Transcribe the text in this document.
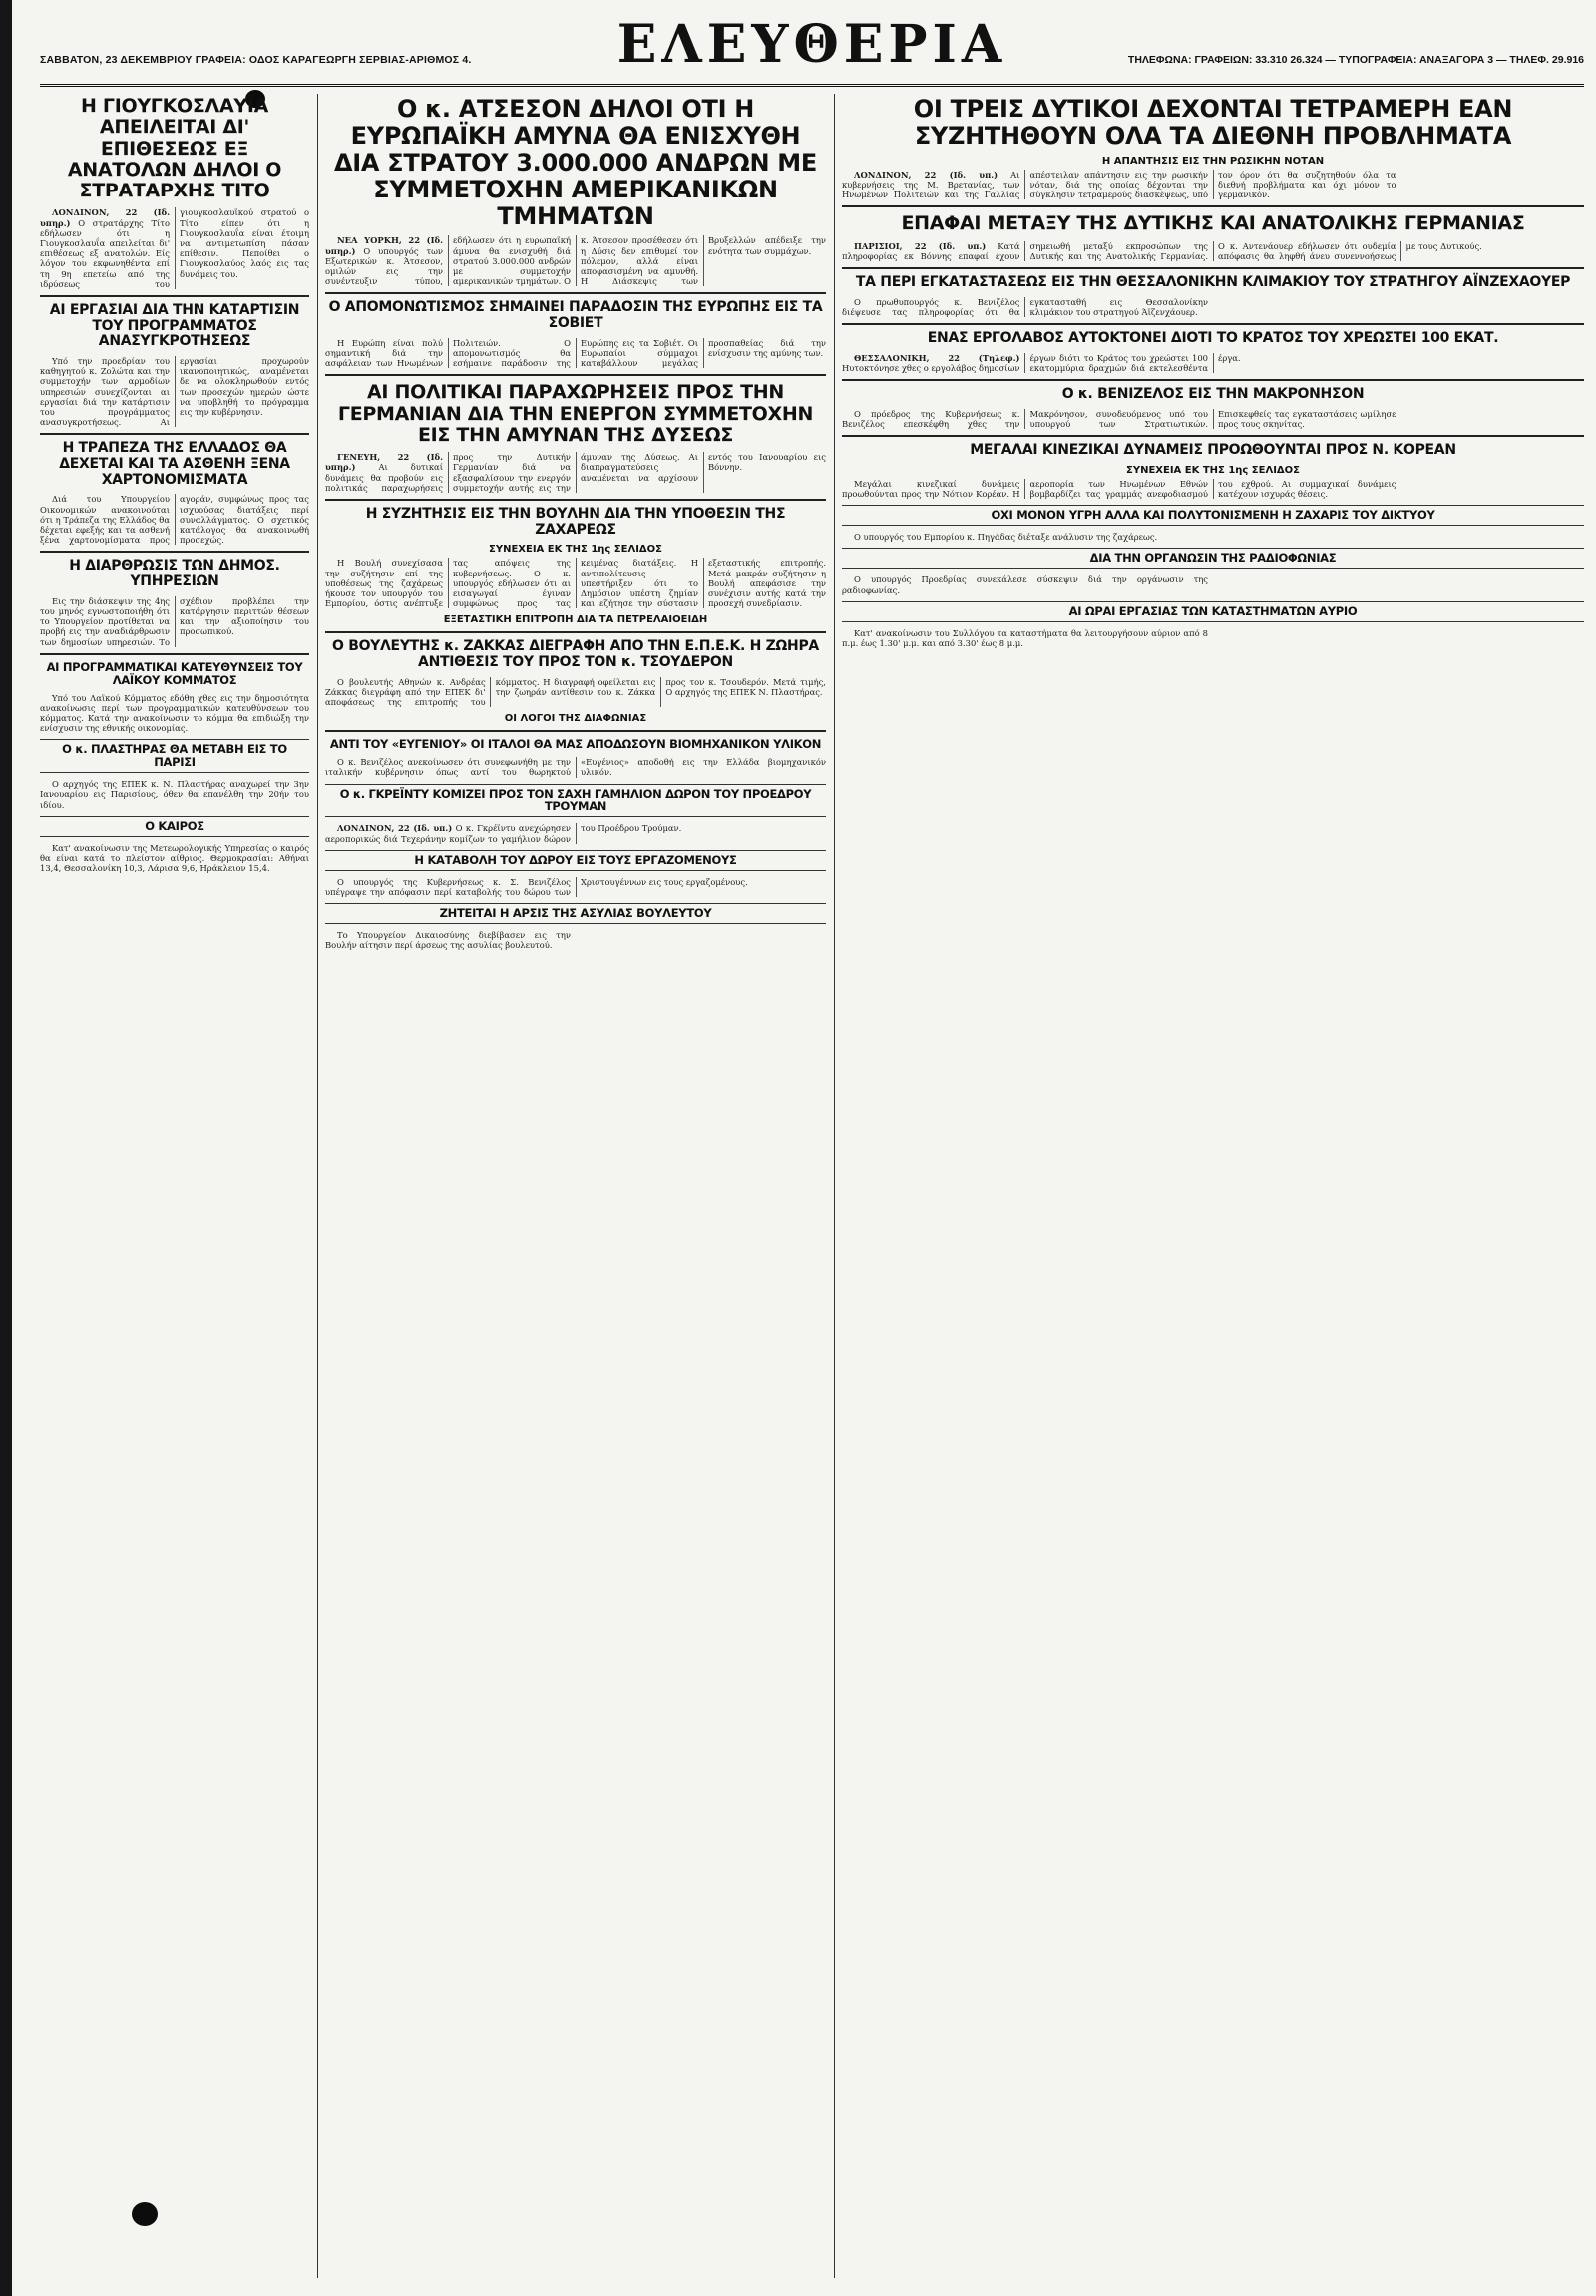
ΣΑΒΒΑΤΟΝ, 23 ΔΕΚΕΜΒΡΙΟΥ ΓΡΑΦΕΙΑ: ΟΔΟΣ ΚΑΡΑΓΕΩΡΓΗ ΣΕΡΒΙΑΣ-ΑΡΙΘΜΟΣ 4.	ΕΛΕΥΘΕΡΙΑ	ΤΗΛΕΦΩΝΑ: ΓΡΑΦΕΙΩΝ: 33.310 26.324 — ΤΥΠΟΓΡΑΦΕΙΑ: ΑΝΑΞΑΓΟΡΑ 3 — ΤΗΛΕΦ. 29.916
Η ΓΙΟΥΓΚΟΣΛΑΥΪΑ ΑΠΕΙΛΕΙΤΑΙ ΔΙ' ΕΠΙΘΕΣΕΩΣ ΕΞ ΑΝΑΤΟΛΩΝ ΔΗΛΟΙ Ο ΣΤΡΑΤΑΡΧΗΣ ΤΙΤΟ

ΛΟΝΔΙΝΟΝ, 22 (Ιδ. υπηρ.) Ο στρατάρχης Τίτο εδήλωσεν ότι η Γιουγκοσλαυΐα απειλείται δι' επιθέσεως εξ ανατολών. Είς λόγον του εκφωνηθέντα επί τη 9η επετείω από της ιδρύσεως του γιουγκοσλαυϊκού στρατού ο Τίτο είπεν ότι η Γιουγκοσλαυΐα είναι έτοιμη να αντιμετωπίση πάσαν επίθεσιν. Πεποίθει ο Γιουγκοσλαύος λαός εις τας δυνάμεις του.

ΑΙ ΕΡΓΑΣΙΑΙ ΔΙΑ ΤΗΝ ΚΑΤΑΡΤΙΣΙΝ ΤΟΥ ΠΡΟΓΡΑΜΜΑΤΟΣ ΑΝΑΣΥΓΚΡΟΤΗΣΕΩΣ

Υπό την προεδρίαν του καθηγητού κ. Ζολώτα και την συμμετοχήν των αρμοδίων υπηρεσιών συνεχίζονται αι εργασίαι διά την κατάρτισιν του προγράμματος ανασυγκροτήσεως. Αι εργασίαι προχωρούν ικανοποιητικώς, αναμένεται δε να ολοκληρωθούν εντός των προσεχών ημερών ώστε να υποβληθή το πρόγραμμα εις την κυβέρνησιν.

Η ΤΡΑΠΕΖΑ ΤΗΣ ΕΛΛΑΔΟΣ ΘΑ ΔΕΧΕΤΑΙ ΚΑΙ ΤΑ ΑΣΘΕΝΗ ΞΕΝΑ ΧΑΡΤΟΝΟΜΙΣΜΑΤΑ

Διά του Υπουργείου Οικονομικών ανακοινούται ότι η Τράπεζα της Ελλάδος θα δέχεται εφεξής και τα ασθενή ξένα χαρτονομίσματα προς αγοράν, συμφώνως προς τας ισχυούσας διατάξεις περί συναλλάγματος. Ο σχετικός κατάλογος θα ανακοινωθή προσεχώς.

Η ΔΙΑΡΘΡΩΣΙΣ ΤΩΝ ΔΗΜΟΣ. ΥΠΗΡΕΣΙΩΝ

Εις την διάσκεψιν της 4ης του μηνός εγνωστοποιήθη ότι το Υπουργείον προτίθεται να προβή εις την αναδιάρθρωσιν των δημοσίων υπηρεσιών. Το σχέδιον προβλέπει την κατάργησιν περιττών θέσεων και την αξιοποίησιν του προσωπικού.

ΑΙ ΠΡΟΓΡΑΜΜΑΤΙΚΑΙ ΚΑΤΕΥΘΥΝΣΕΙΣ ΤΟΥ ΛΑΪΚΟΥ ΚΟΜΜΑΤΟΣ

Υπό του Λαϊκού Κόμματος εδόθη χθες εις την δημοσιότητα ανακοίνωσις περί των προγραμματικών κατευθύνσεων του κόμματος. Κατά την ανακοίνωσιν το κόμμα θα επιδιώξη την ενίσχυσιν της εθνικής οικονομίας.

Ο κ. ΠΛΑΣΤΗΡΑΣ ΘΑ ΜΕΤΑΒΗ ΕΙΣ ΤΟ ΠΑΡΙΣΙ

Ο αρχηγός της ΕΠΕΚ κ. Ν. Πλαστήρας αναχωρεί την 3ην Ιανουαρίου εις Παρισίους, όθεν θα επανέλθη την 20ήν του ιδίου.

Ο ΚΑΙΡΟΣ

Κατ' ανακοίνωσιν της Μετεωρολογικής Υπηρεσίας ο καιρός θα είναι κατά το πλείστον αίθριος. Θερμοκρασίαι: Αθήναι 13,4, Θεσσαλονίκη 10,3, Λάρισα 9,6, Ηράκλειον 15,4.

Ο κ. ΑΤΣΕΣΟΝ ΔΗΛΟΙ ΟΤΙ Η ΕΥΡΩΠΑΪΚΗ ΑΜΥΝΑ ΘΑ ΕΝΙΣΧΥΘΗ ΔΙΑ ΣΤΡΑΤΟΥ 3.000.000 ΑΝΔΡΩΝ ΜΕ ΣΥΜΜΕΤΟΧΗΝ ΑΜΕΡΙΚΑΝΙΚΩΝ ΤΜΗΜΑΤΩΝ

ΝΕΑ ΥΟΡΚΗ, 22 (Ιδ. υπηρ.) Ο υπουργός των Εξωτερικών κ. Άτσεσον, ομιλών εις την συνέντευξιν τύπου, εδήλωσεν ότι η ευρωπαϊκή άμυνα θα ενισχυθή διά στρατού 3.000.000 ανδρών με συμμετοχήν αμερικανικών τμημάτων. Ο κ. Άτσεσον προσέθεσεν ότι η Δύσις δεν επιθυμεί τον πόλεμον, αλλά είναι αποφασισμένη να αμυνθή. Η Διάσκεψις των Βρυξελλών απέδειξε την ενότητα των συμμάχων.

Ο ΑΠΟΜΟΝΩΤΙΣΜΟΣ ΣΗΜΑΙΝΕΙ ΠΑΡΑΔΟΣΙΝ ΤΗΣ ΕΥΡΩΠΗΣ ΕΙΣ ΤΑ ΣΟΒΙΕΤ

Η Ευρώπη είναι πολύ σημαντική διά την ασφάλειαν των Ηνωμένων Πολιτειών. Ο απομονωτισμός θα εσήμαινε παράδοσιν της Ευρώπης εις τα Σοβιέτ. Οι Ευρωπαίοι σύμμαχοι καταβάλλουν μεγάλας προσπαθείας διά την ενίσχυσιν της αμύνης των.

ΑΙ ΠΟΛΙΤΙΚΑΙ ΠΑΡΑΧΩΡΗΣΕΙΣ ΠΡΟΣ ΤΗΝ ΓΕΡΜΑΝΙΑΝ ΔΙΑ ΤΗΝ ΕΝΕΡΓΟΝ ΣΥΜΜΕΤΟΧΗΝ ΕΙΣ ΤΗΝ ΑΜΥΝΑΝ ΤΗΣ ΔΥΣΕΩΣ

ΓΕΝΕΥΗ, 22 (Ιδ. υπηρ.)	Αι δυτικαί δυνάμεις θα προβούν εις πολιτικάς παραχωρήσεις προς την Δυτικήν Γερμανίαν διά να εξασφαλίσουν την ενεργόν συμμετοχήν αυτής εις την άμυναν της Δύσεως. Αι διαπραγματεύσεις αναμένεται να αρχίσουν εντός του Ιανουαρίου εις Βόννην.

Η ΣΥΖΗΤΗΣΙΣ ΕΙΣ ΤΗΝ ΒΟΥΛΗΝ ΔΙΑ ΤΗΝ ΥΠΟΘΕΣΙΝ ΤΗΣ ΖΑΧΑΡΕΩΣ
ΣΥΝΕΧΕΙΑ ΕΚ ΤΗΣ 1ης ΣΕΛΙΔΟΣ

Η Βουλή συνεχίσασα την συζήτησιν επί της υποθέσεως της ζαχάρεως ήκουσε τον υπουργόν του Εμπορίου, όστις ανέπτυξε τας απόψεις της κυβερνήσεως. Ο κ. υπουργός εδήλωσεν ότι αι εισαγωγαί έγιναν συμφώνως προς τας κειμένας διατάξεις. Η αντιπολίτευσις υπεστήριξεν ότι το Δημόσιον υπέστη ζημίαν και εζήτησε την σύστασιν εξεταστικής επιτροπής. Μετά μακράν συζήτησιν η Βουλή απεφάσισε την συνέχισιν αυτής κατά την προσεχή συνεδρίασιν.

ΕΞΕΤΑΣΤΙΚΗ ΕΠΙΤΡΟΠΗ ΔΙΑ ΤΑ ΠΕΤΡΕΛΑΙΟΕΙΔΗ
Ο ΒΟΥΛΕΥΤΗΣ κ. ΖΑΚΚΑΣ ΔΙΕΓΡΑΦΗ ΑΠΟ ΤΗΝ Ε.Π.Ε.Κ. Η ΖΩΗΡΑ ΑΝΤΙΘΕΣΙΣ ΤΟΥ ΠΡΟΣ ΤΟΝ κ. ΤΣΟΥΔΕΡΟΝ

Ο βουλευτής Αθηνών κ. Ανδρέας Ζάκκας διεγράφη από την ΕΠΕΚ δι' αποφάσεως της επιτροπής του κόμματος. Η διαγραφή οφείλεται εις την ζωηράν αντίθεσιν του κ. Ζάκκα προς τον κ. Τσουδερόν. Μετά τιμής, Ο αρχηγός της ΕΠΕΚ Ν. Πλαστήρας.

ΟΙ ΛΟΓΟΙ ΤΗΣ ΔΙΑΦΩΝΙΑΣ
ΑΝΤΙ ΤΟΥ «ΕΥΓΕΝΙΟΥ» ΟΙ ΙΤΑΛΟΙ ΘΑ ΜΑΣ ΑΠΟΔΩΣΟΥΝ ΒΙΟΜΗΧΑΝΙΚΟΝ ΥΛΙΚΟΝ

Ο κ. Βενιζέλος ανεκοίνωσεν ότι συνεφωνήθη με την ιταλικήν κυβέρνησιν όπως αντί του θωρηκτού «Ευγένιος» αποδοθή εις την Ελλάδα βιομηχανικόν υλικόν.

Ο κ. ΓΚΡΕΪΝΤΥ ΚΟΜΙΖΕΙ ΠΡΟΣ ΤΟΝ ΣΑΧΗ ΓΑΜΗΛΙΟΝ ΔΩΡΟΝ ΤΟΥ ΠΡΟΕΔΡΟΥ ΤΡΟΥΜΑΝ

ΛΟΝΔΙΝΟΝ, 22 (Ιδ. υπ.) Ο κ. Γκρέϊντυ ανεχώρησεν αεροπορικώς διά Τεχεράνην κομίζων το γαμήλιον δώρον του Προέδρου Τρούμαν.

Η ΚΑΤΑΒΟΛΗ ΤΟΥ ΔΩΡΟΥ ΕΙΣ ΤΟΥΣ ΕΡΓΑΖΟΜΕΝΟΥΣ

Ο υπουργός της Κυβερνήσεως κ. Σ. Βενιζέλος υπέγραψε την απόφασιν περί καταβολής του δώρου των Χριστουγέννων εις τους εργαζομένους.

ΖΗΤΕΙΤΑΙ Η ΑΡΣΙΣ ΤΗΣ ΑΣΥΛΙΑΣ ΒΟΥΛΕΥΤΟΥ

Το Υπουργείον Δικαιοσύνης διεβίβασεν εις την Βουλήν αίτησιν περί άρσεως της ασυλίας βουλευτού.

ΟΙ ΤΡΕΙΣ ΔΥΤΙΚΟΙ ΔΕΧΟΝΤΑΙ ΤΕΤΡΑΜΕΡΗ ΕΑΝ ΣΥΖΗΤΗΘΟΥΝ ΟΛΑ ΤΑ ΔΙΕΘΝΗ ΠΡΟΒΛΗΜΑΤΑ
Η ΑΠΑΝΤΗΣΙΣ ΕΙΣ ΤΗΝ ΡΩΣΙΚΗΝ ΝΟΤΑΝ

ΛΟΝΔΙΝΟΝ, 22 (Ιδ. υπ.) Αι κυβερνήσεις της Μ. Βρετανίας, των Ηνωμένων Πολιτειών και της Γαλλίας απέστειλαν απάντησιν εις την ρωσικήν νόταν, διά της οποίας δέχονται την σύγκλησιν τετραμερούς διασκέψεως, υπό τον όρον ότι θα συζητηθούν όλα τα διεθνή προβλήματα και όχι μόνον το γερμανικόν.

ΕΠΑΦΑΙ ΜΕΤΑΞΥ ΤΗΣ ΔΥΤΙΚΗΣ ΚΑΙ ΑΝΑΤΟΛΙΚΗΣ ΓΕΡΜΑΝΙΑΣ

ΠΑΡΙΣΙΟΙ, 22 (Ιδ. υπ.) Κατά πληροφορίας εκ Βόννης επαφαί έχουν σημειωθή μεταξύ εκπροσώπων της Δυτικής και της Ανατολικής Γερμανίας. Ο κ. Αντενάουερ εδήλωσεν ότι ουδεμία απόφασις θα ληφθή άνευ συνεννοήσεως με τους Δυτικούς.

ΤΑ ΠΕΡΙ ΕΓΚΑΤΑΣΤΑΣΕΩΣ ΕΙΣ ΤΗΝ ΘΕΣΣΑΛΟΝΙΚΗΝ ΚΛΙΜΑΚΙΟΥ ΤΟΥ ΣΤΡΑΤΗΓΟΥ ΑΪΝΖΕΧΑΟΥΕΡ

Ο πρωθυπουργός κ. Βενιζέλος διέψευσε τας πληροφορίας ότι θα εγκατασταθή εις Θεσσαλονίκην κλιμάκιον του στρατηγού Άϊζενχάουερ.

ΕΝΑΣ ΕΡΓΟΛΑΒΟΣ ΑΥΤΟΚΤΟΝΕΙ ΔΙΟΤΙ ΤΟ ΚΡΑΤΟΣ ΤΟΥ ΧΡΕΩΣΤΕΙ 100 ΕΚΑΤ.

ΘΕΣΣΑΛΟΝΙΚΗ, 22 (Τηλεφ.) Ηυτοκτόνησε χθες ο εργολάβος δημοσίων έργων διότι το Κράτος του χρεώστει 100 εκατομμύρια δραχμών διά εκτελεσθέντα έργα.

Ο κ. ΒΕΝΙΖΕΛΟΣ ΕΙΣ ΤΗΝ ΜΑΚΡΟΝΗΣΟΝ

Ο πρόεδρος της Κυβερνήσεως κ. Βενιζέλος επεσκέφθη χθες την Μακρόνησον, συνοδευόμενος υπό του υπουργού των Στρατιωτικών. Επισκεφθείς τας εγκαταστάσεις ωμίλησε προς τους σκηνίτας.

ΜΕΓΑΛΑΙ ΚΙΝΕΖΙΚΑΙ ΔΥΝΑΜΕΙΣ ΠΡΟΩΘΟΥΝΤΑΙ ΠΡΟΣ Ν. ΚΟΡΕΑΝ
ΣΥΝΕΧΕΙΑ ΕΚ ΤΗΣ 1ης ΣΕΛΙΔΟΣ

Μεγάλαι κινεζικαί δυνάμεις προωθούνται προς την Νότιον Κορέαν. Η αεροπορία των Ηνωμένων Εθνών βομβαρδίζει τας γραμμάς ανεφοδιασμού του εχθρού. Αι συμμαχικαί δυνάμεις κατέχουν ισχυράς θέσεις.

ΟΧΙ ΜΟΝΟΝ ΥΓΡΗ ΑΛΛΑ ΚΑΙ ΠΟΛΥΤΟΝΙΣΜΕΝΗ Η ΖΑΧΑΡΙΣ ΤΟΥ ΔΙΚΤΥΟΥ

Ο υπουργός του Εμπορίου κ. Πηγάδας διέταξε ανάλυσιν της ζαχάρεως.

ΔΙΑ ΤΗΝ ΟΡΓΑΝΩΣΙΝ ΤΗΣ ΡΑΔΙΟΦΩΝΙΑΣ

Ο υπουργός Προεδρίας συνεκάλεσε σύσκεψιν διά την οργάνωσιν της ραδιοφωνίας.

ΑΙ ΩΡΑΙ ΕΡΓΑΣΙΑΣ ΤΩΝ ΚΑΤΑΣΤΗΜΑΤΩΝ ΑΥΡΙΟ

Κατ' ανακοίνωσιν του Συλλόγου τα καταστήματα θα λειτουργήσουν αύριον από 8 π.μ. έως 1.30' μ.μ. και από 3.30' έως 8 μ.μ.
